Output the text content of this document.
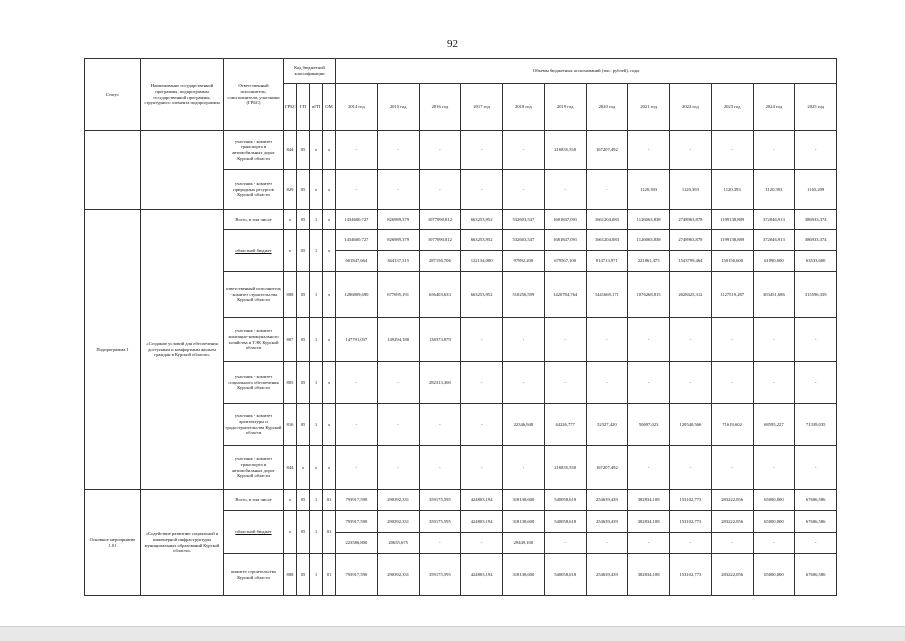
92
Статус	Наименование государственной программы, подпрограммы государственной программы, структурного элемента подпрограммы	Ответственный исполнитель, соисполнители, участники (ГРБС)	Код бюджетной классификации				Объемы бюджетных ассигнований (тыс. рублей), годы											
			ГРБС	ГП	пГП	ОМ	2014 год	2015 год	2016 год	2017 год	2018 год	2019 год	2020 год	2021 год	2022 год	2023 год	2024 год	2025 год
		участник - комитет транспорта и автомобильных дорог Курской области	844	05	х	х	-	-	-	-	-	216835,550	167207,492	-	-	-	-	-
		участник - комитет природных ресурсов Курской области	829	05	х	х	-	-	-	-	-	-	-	1120,393	1120,393	1120,393	1120,393	1165,209
Подпрограмма 1	«Создание условий для обеспечения доступным и комфортным жильем граждан в Курской области»	Всего, в том числе	х	05	1	х	1434600,727	826989,379	1077090,812	663253,952	532603,547	1681847,091	1661204,083	1126063,838	2748963,878	1199138,889	372046,913	386933,374
		областной бюджет	х	05	1	х	1434600,727	826989,379	1077090,812	663253,952	532603,547	1681847,091	1661204,083	1126063,838	2748963,878	1199138,889	372046,913	386933,374
							601847,664	364137,315	287156,706	122134,000	97892,200	679567,100	814713,971	221861,475	1543799,464	150150,600	61090,000	63533,600
		ответственный исполнитель - комитет строительства Курской области	808	05	1	х	1286809,690	677695,191	656403,633	663253,952	510256,599	1420784,764	1441669,171	1076268,815	2628425,312	1127519,287	303451,686	315596,339
		участник - комитет жилищно-коммунального хозяйства и ТЭК Курской области	807	05	1	х	147791,037	149294,188	138373,879	-	-	-	-	-	-	-	-	-
		участник - комитет социального обеспечения Курской области	805	05	1	х	-	-	282313,300	-	-	-	-	-	-	-	-	-
		участник - комитет архитектуры и градостроительства Курской области	816	05	1	х	-	-	-	-	22346,948	44226,777	52327,420	50697,023	120540,566	71619,602	68595,227	71339,035
		участник - комитет транспорта и автомобильных дорог Курской области	844	х	х	х	-	-	-	-	-	216835,550	167207,492	-	-	-	-	-
Основное мероприятие 1.01	«Содействие развитию социальной и инженерной инфраструктуры муниципальных образований Курской области»	Всего, в том числе	х	05	1	01	793917,590	290392,331	359175,595	424803,194	318138,600	540058,618	254639,439	382834,108	153102,773	283222,056	65000,000	67606,586
		областной бюджет	х	05	1	01	793917,590	290392,331	359175,595	424803,194	318138,600	540058,618	254639,439	382834,108	153102,773	283222,056	65000,000	67606,586
							223586,800	20655,675	-	-	29449,100	-	-	-	-	-	-	-
		комитет строительства Курской области	808	05	1	01	793917,590	290392,331	359175,595	424803,194	318138,600	540058,618	254639,439	382834,108	153102,773	283222,056	65000,000	67606,586
